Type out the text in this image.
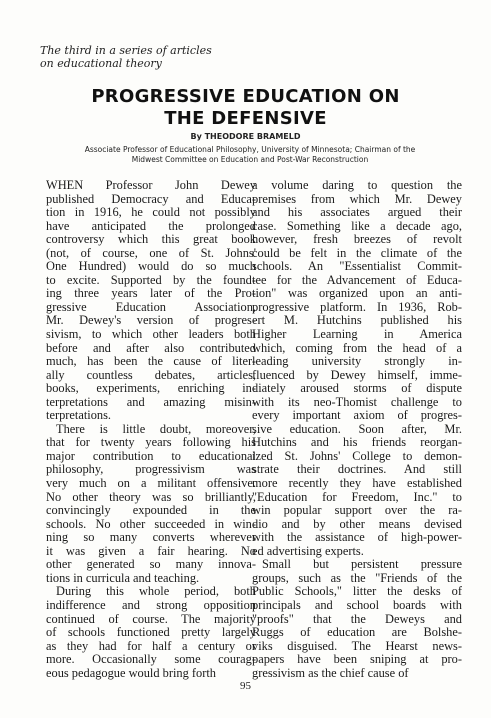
The third in a series of articles
on educational theory
PROGRESSIVE EDUCATION ON
THE DEFENSIVE
By THEODORE BRAMELD
Associate Professor of Educational Philosophy, University of Minnesota; Chairman of the
Midwest Committee on Education and Post-War Reconstruction
WHEN Professor John Dewey
published Democracy and Educa-
tion in 1916, he could not possibly
have anticipated the prolonged
controversy which this great book
(not, of course, one of St. Johns'
One Hundred) would do so much
to excite. Supported by the found-
ing three years later of the Pro-
gressive Education Association,
Mr. Dewey's version of progres-
sivism, to which other leaders both
before and after also contributed
much, has been the cause of liter-
ally countless debates, articles,
books, experiments, enriching in-
terpretations and amazing misin-
terpretations.
There is little doubt, moreover,
that for twenty years following his
major contribution to educational
philosophy, progressivism was
very much on a militant offensive.
No other theory was so brilliantly,
convincingly expounded in the
schools. No other succeeded in win-
ning so many converts wherever
it was given a fair hearing. No
other generated so many innova-
tions in curricula and teaching.
During this whole period, both
indifference and strong opposition
continued of course. The majority
of schools functioned pretty largely
as they had for half a century or
more. Occasionally some courag-
eous pedagogue would bring forth
a volume daring to question the
premises from which Mr. Dewey
and his associates argued their
case. Something like a decade ago,
however, fresh breezes of revolt
could be felt in the climate of the
schools. An "Essentialist Commit-
tee for the Advancement of Educa-
tion" was organized upon an anti-
progressive platform. In 1936, Rob-
ert M. Hutchins published his
Higher Learning in America
which, coming from the head of a
leading university strongly in-
fluenced by Dewey himself, imme-
diately aroused storms of dispute
with its neo-Thomist challenge to
every important axiom of progres-
sive education. Soon after, Mr.
Hutchins and his friends reorgan-
ized St. Johns' College to demon-
strate their doctrines. And still
more recently they have established
"Education for Freedom, Inc." to
win popular support over the ra-
dio and by other means devised
with the assistance of high-power-
ed advertising experts.
Small but persistent pressure
groups, such as the "Friends of the
Public Schools," litter the desks of
principals and school boards with
"proofs" that the Deweys and
Ruggs of education are Bolshe-
viks disguised. The Hearst news-
papers have been sniping at pro-
gressivism as the chief cause of
95
